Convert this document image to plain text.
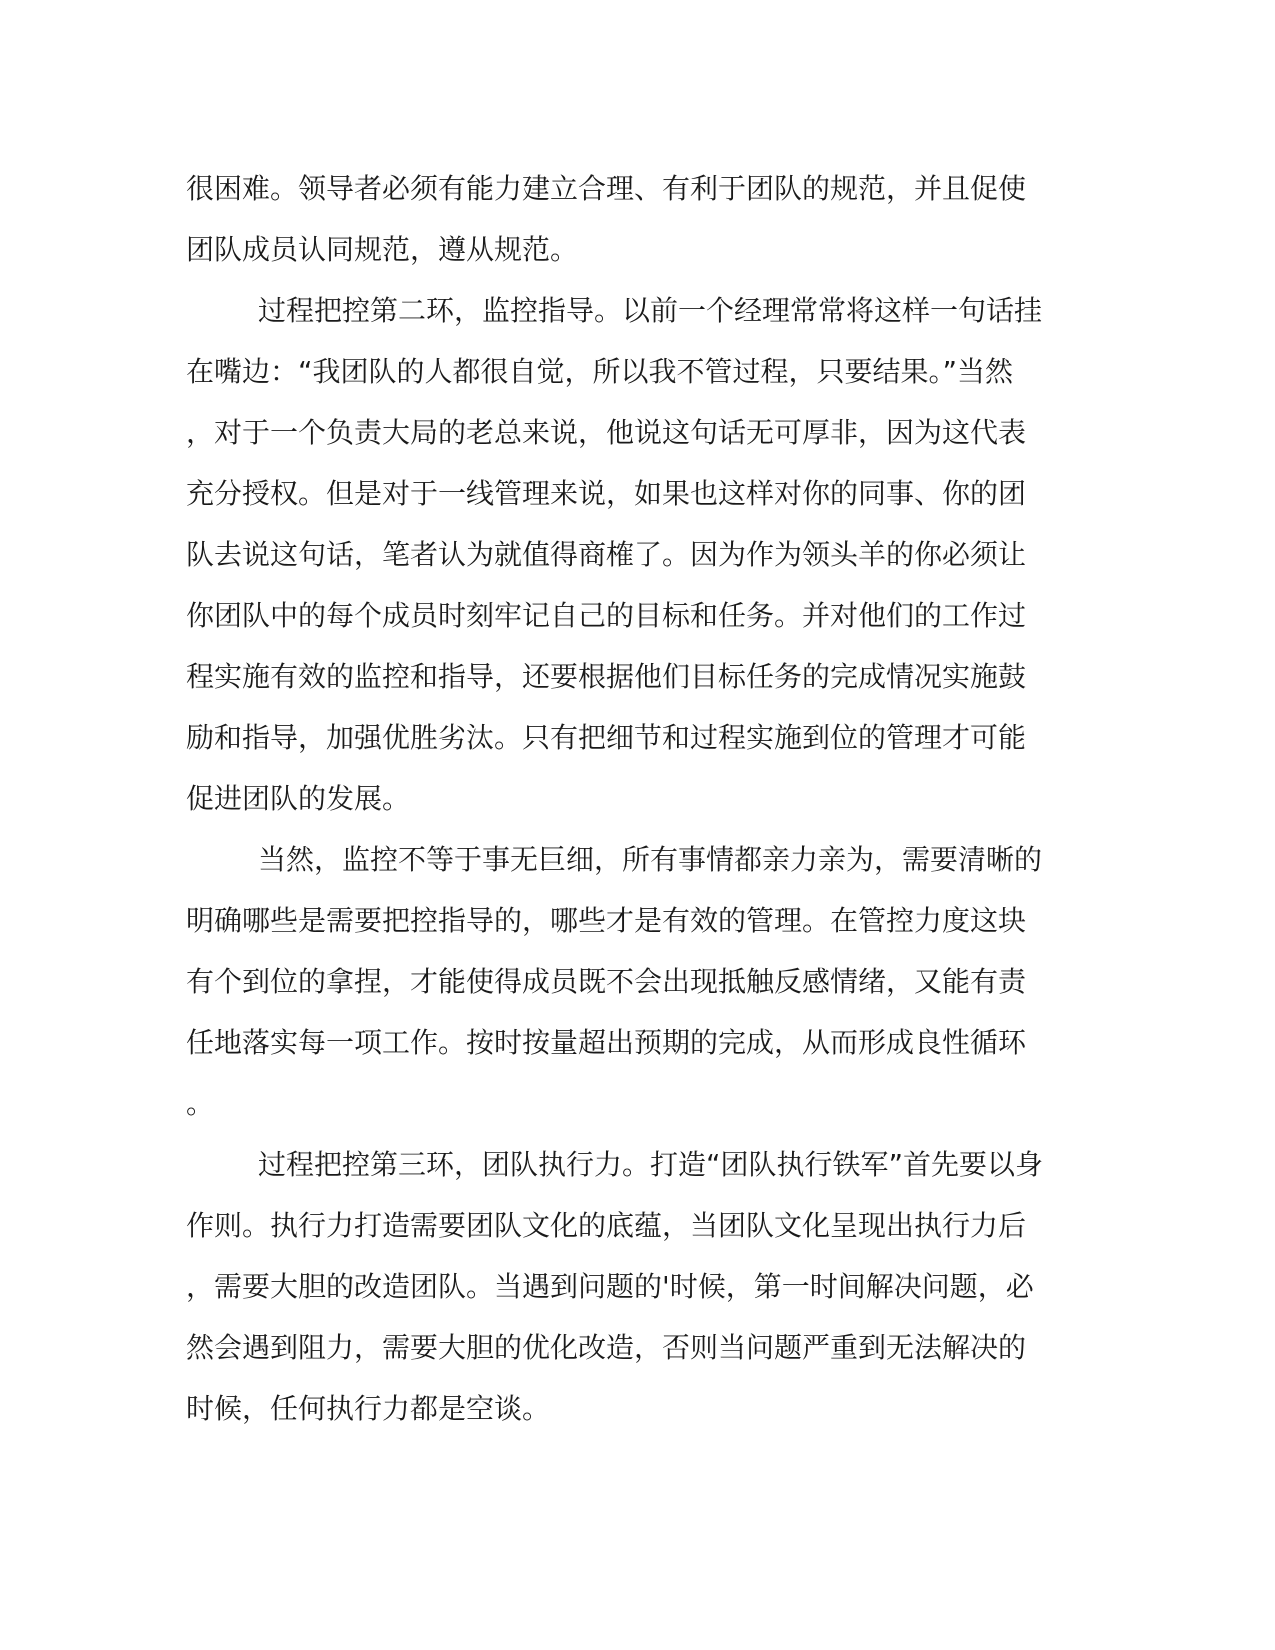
很困难。领导者必须有能力建立合理、有利于团队的规范，并且促使
团队成员认同规范，遵从规范。
过程把控第二环，监控指导。以前一个经理常常将这样一句话挂
在嘴边：“我团队的人都很自觉，所以我不管过程，只要结果。”当然
，对于一个负责大局的老总来说，他说这句话无可厚非，因为这代表
充分授权。但是对于一线管理来说，如果也这样对你的同事、你的团
队去说这句话，笔者认为就值得商榷了。因为作为领头羊的你必须让
你团队中的每个成员时刻牢记自己的目标和任务。并对他们的工作过
程实施有效的监控和指导，还要根据他们目标任务的完成情况实施鼓
励和指导，加强优胜劣汰。只有把细节和过程实施到位的管理才可能
促进团队的发展。
当然，监控不等于事无巨细，所有事情都亲力亲为，需要清晰的
明确哪些是需要把控指导的，哪些才是有效的管理。在管控力度这块
有个到位的拿捏，才能使得成员既不会出现抵触反感情绪，又能有责
任地落实每一项工作。按时按量超出预期的完成，从而形成良性循环
。
过程把控第三环，团队执行力。打造“团队执行铁军”首先要以身
作则。执行力打造需要团队文化的底蕴，当团队文化呈现出执行力后
，需要大胆的改造团队。当遇到问题的'时候，第一时间解决问题，必
然会遇到阻力，需要大胆的优化改造，否则当问题严重到无法解决的
时候，任何执行力都是空谈。
